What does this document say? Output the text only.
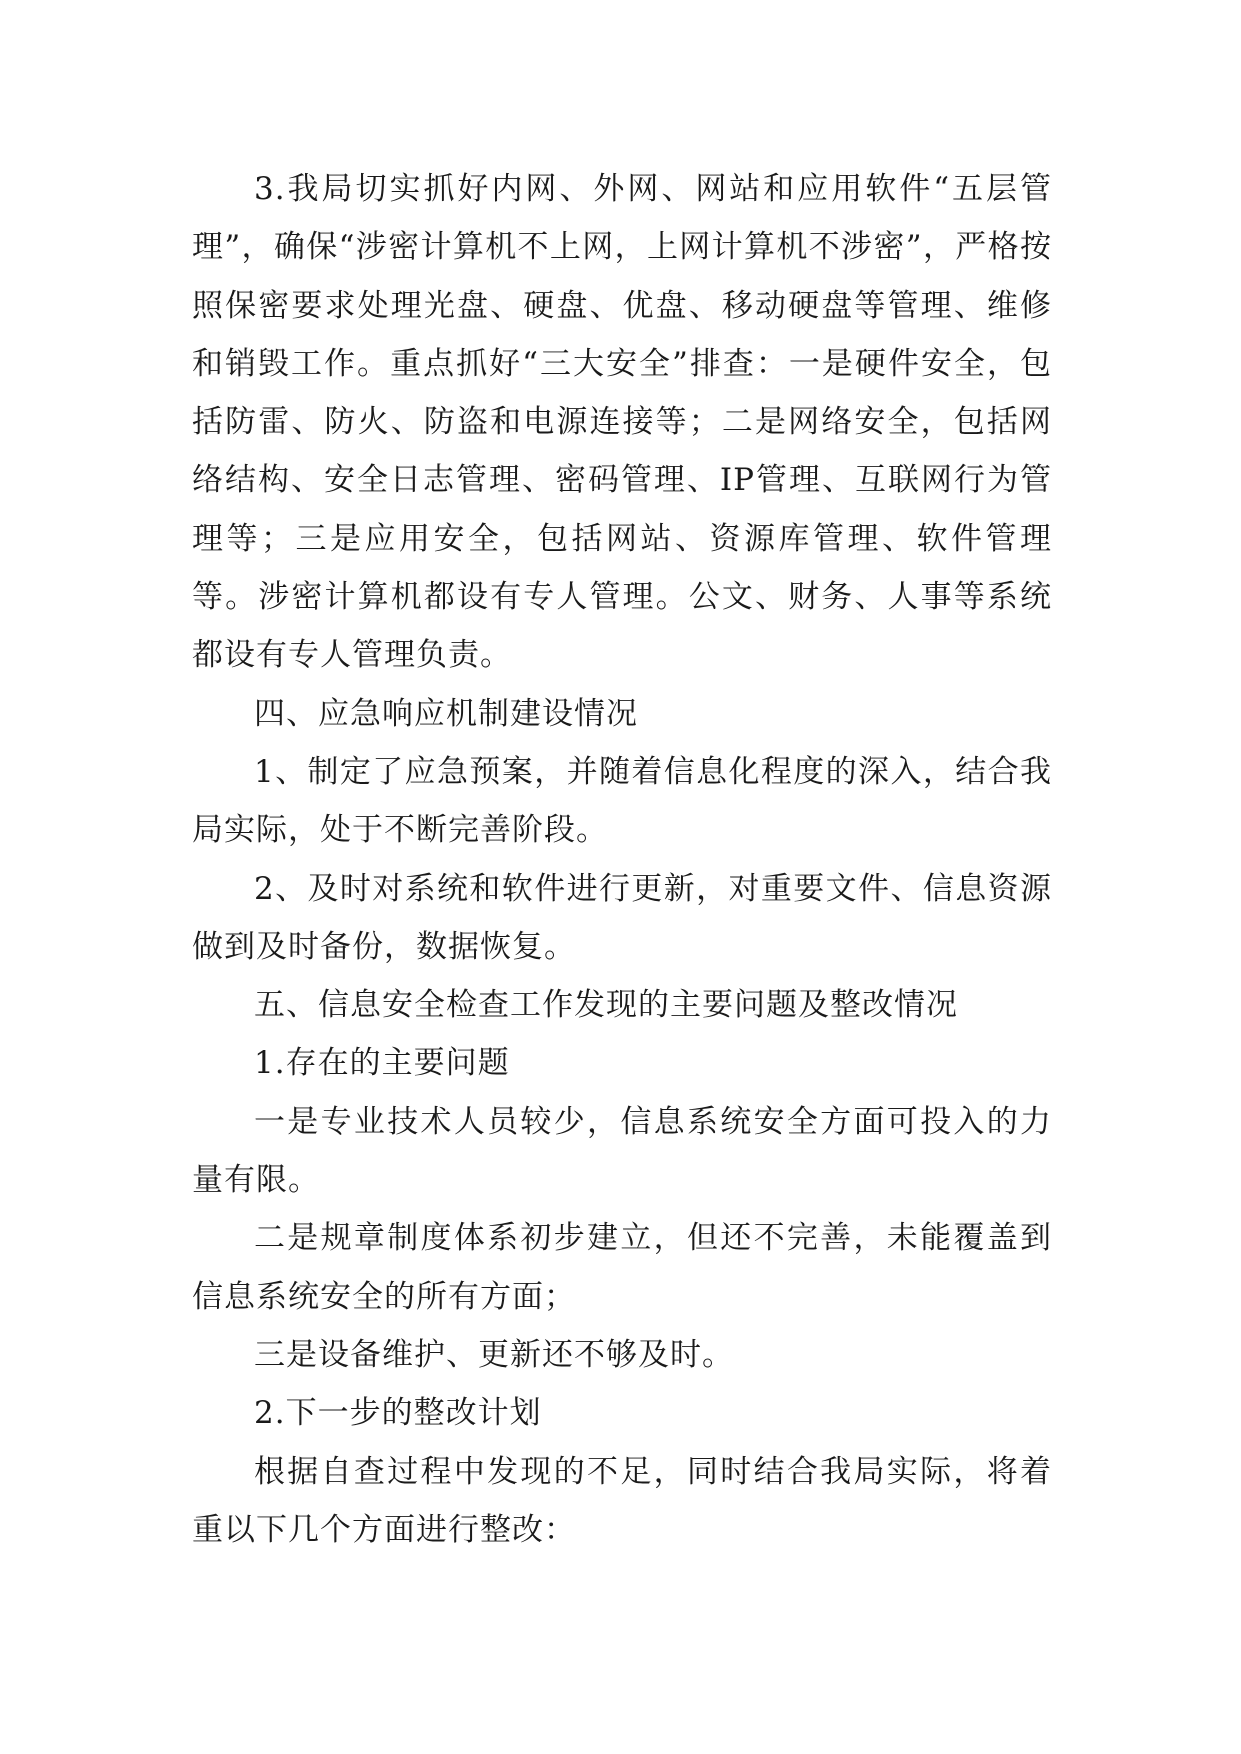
3.我局切实抓好内网、外网、网站和应用软件“五层管理”，确保“涉密计算机不上网，上网计算机不涉密”，严格按照保密要求处理光盘、硬盘、优盘、移动硬盘等管理、维修和销毁工作。重点抓好“三大安全”排查：一是硬件安全，包括防雷、防火、防盗和电源连接等；二是网络安全，包括网络结构、安全日志管理、密码管理、IP管理、互联网行为管理等；三是应用安全，包括网站、资源库管理、软件管理等。涉密计算机都设有专人管理。公文、财务、人事等系统都设有专人管理负责。

四、应急响应机制建设情况

1、制定了应急预案，并随着信息化程度的深入，结合我局实际，处于不断完善阶段。

2、及时对系统和软件进行更新，对重要文件、信息资源做到及时备份，数据恢复。

五、信息安全检查工作发现的主要问题及整改情况

1.存在的主要问题

一是专业技术人员较少，信息系统安全方面可投入的力量有限。

二是规章制度体系初步建立，但还不完善，未能覆盖到信息系统安全的所有方面；

三是设备维护、更新还不够及时。

2.下一步的整改计划

根据自查过程中发现的不足，同时结合我局实际，将着重以下几个方面进行整改：
